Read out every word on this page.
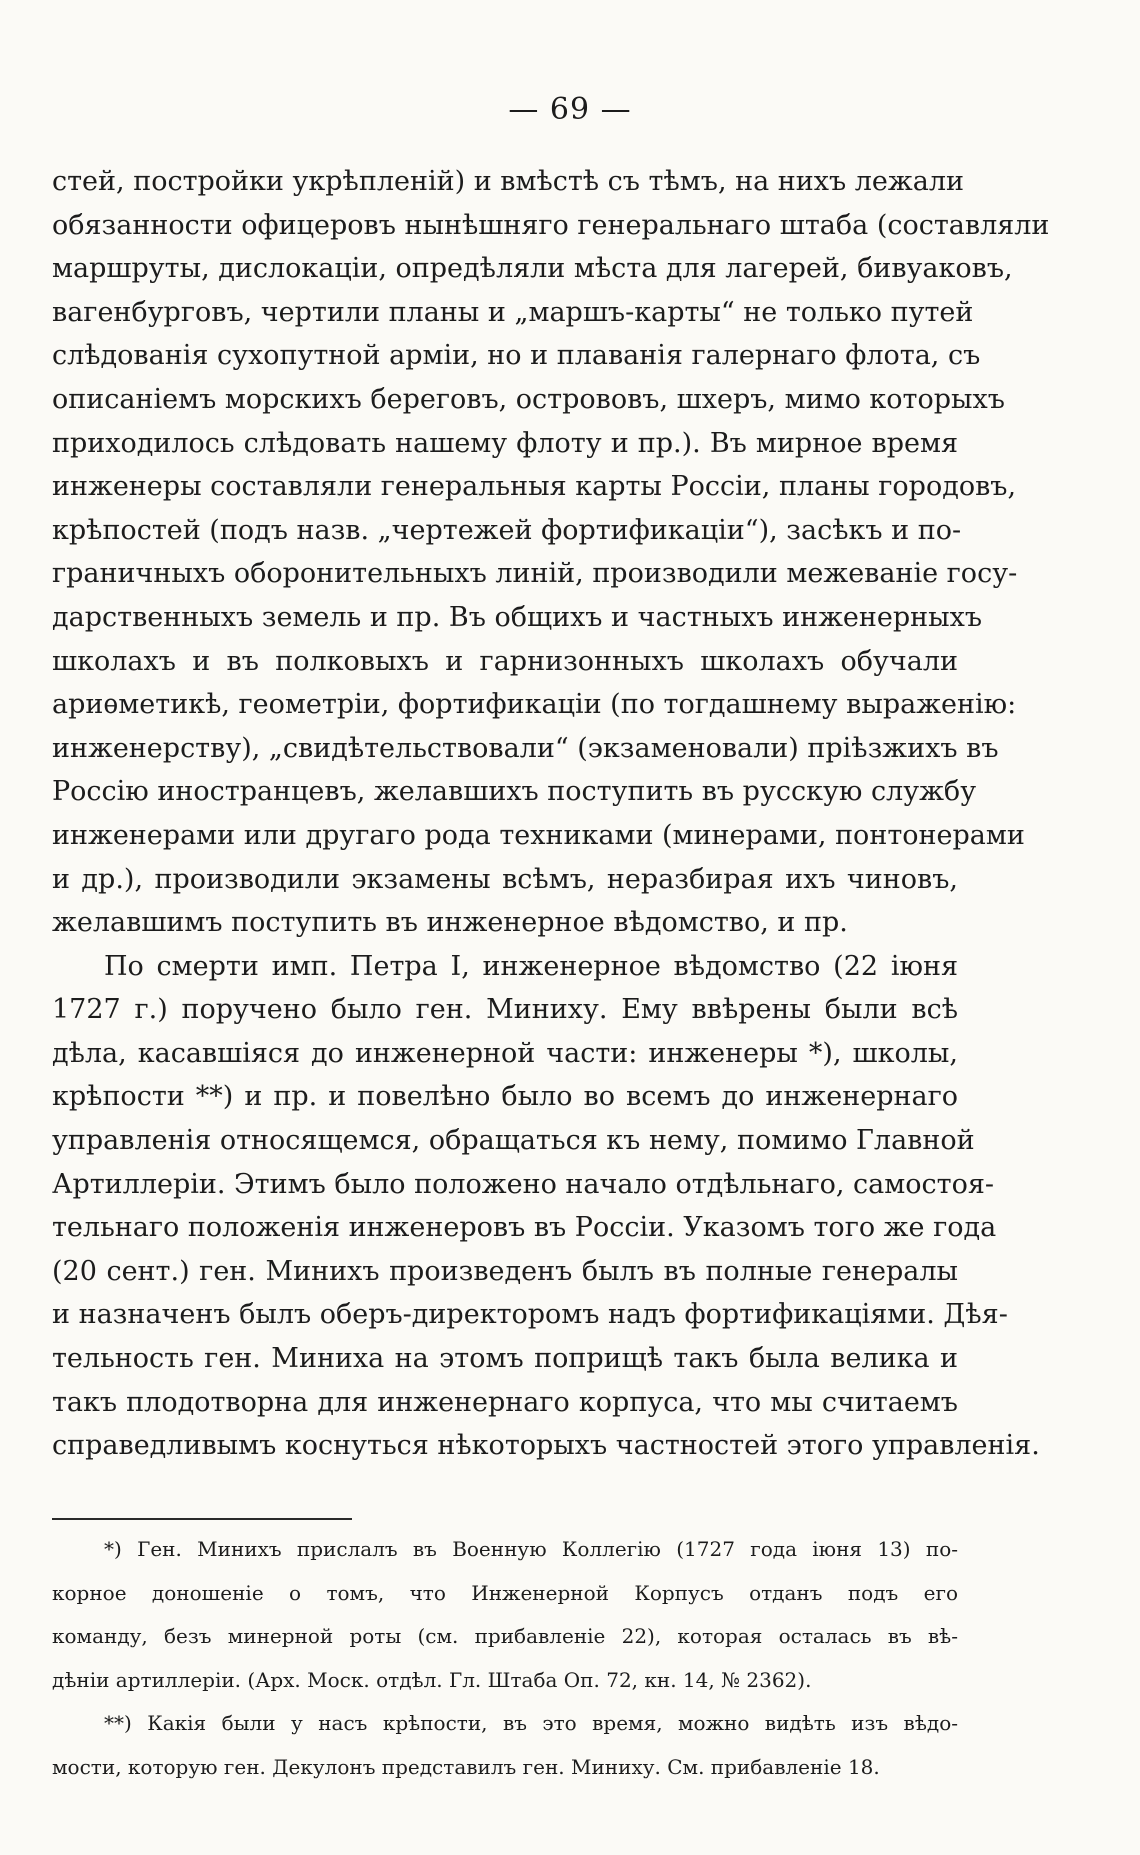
— 69 —
стей, постройки укрѣпленій) и вмѣстѣ съ тѣмъ, на нихъ лежали
обязанности офицеровъ нынѣшняго генеральнаго штаба (составляли
маршруты, дислокаціи, опредѣляли мѣста для лагерей, бивуаковъ,
вагенбурговъ, чертили планы и „маршъ-карты“ не только путей
слѣдованія сухопутной арміи, но и плаванія галернаго флота, съ
описаніемъ морскихъ береговъ, острововъ, шхеръ, мимо которыхъ
приходилось слѣдовать нашему флоту и пр.). Въ мирное время
инженеры составляли генеральныя карты Россіи, планы городовъ,
крѣпостей (подъ назв. „чертежей фортификаціи“), засѣкъ и по-
граничныхъ оборонительныхъ линій, производили межеваніе госу-
дарственныхъ земель и пр. Въ общихъ и частныхъ инженерныхъ
школахъ и въ полковыхъ и гарнизонныхъ школахъ обучали
ариѳметикѣ, геометріи, фортификаціи (по тогдашнему выраженію:
инженерству), „свидѣтельствовали“ (экзаменовали) пріѣзжихъ въ
Россію иностранцевъ, желавшихъ поступить въ русскую службу
инженерами или другаго рода техниками (минерами, понтонерами
и др.), производили экзамены всѣмъ, неразбирая ихъ чиновъ,
желавшимъ поступить въ инженерное вѣдомство, и пр.
По смерти имп. Петра I, инженерное вѣдомство (22 іюня
1727 г.) поручено было ген. Миниху. Ему ввѣрены были всѣ
дѣла, касавшіяся до инженерной части: инженеры *), школы,
крѣпости **) и пр. и повелѣно было во всемъ до инженернаго
управленія относящемся, обращаться къ нему, помимо Главной
Артиллеріи. Этимъ было положено начало отдѣльнаго, самостоя-
тельнаго положенія инженеровъ въ Россіи. Указомъ того же года
(20 сент.) ген. Минихъ произведенъ былъ въ полные генералы
и назначенъ былъ оберъ-директоромъ надъ фортификаціями. Дѣя-
тельность ген. Миниха на этомъ поприщѣ такъ была велика и
такъ плодотворна для инженернаго корпуса, что мы считаемъ
справедливымъ коснуться нѣкоторыхъ частностей этого управленія.
*) Ген. Минихъ прислалъ въ Военную Коллегію (1727 года іюня 13) по-
корное доношеніе о томъ, что Инженерной Корпусъ отданъ подъ его
команду, безъ минерной роты (см. прибавленіе 22), которая осталась въ вѣ-
дѣніи артиллеріи. (Арх. Моск. отдѣл. Гл. Штаба Оп. 72, кн. 14, № 2362).
**) Какія были у насъ крѣпости, въ это время, можно видѣть изъ вѣдо-
мости, которую ген. Декулонъ представилъ ген. Миниху. См. прибавленіе 18.
